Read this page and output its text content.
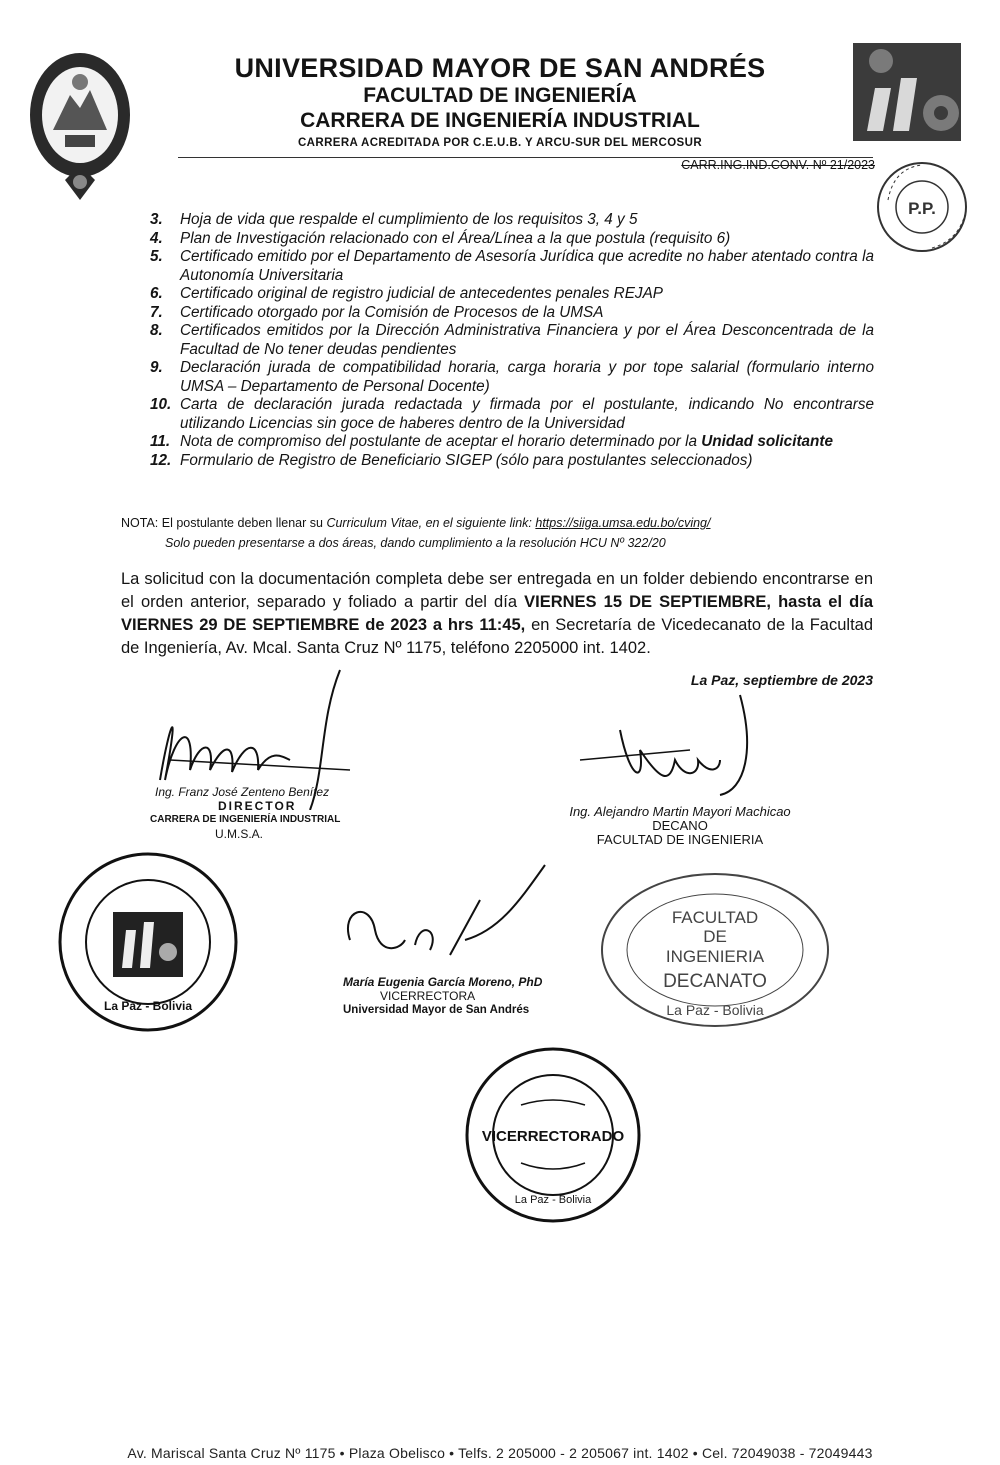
UNIVERSIDAD MAYOR DE SAN ANDRÉS
FACULTAD DE INGENIERÍA
CARRERA DE INGENIERÍA INDUSTRIAL
CARRERA ACREDITADA POR C.E.U.B. Y ARCU-SUR DEL MERCOSUR
CARR.ING.IND.CONV. Nº 21/2023
P.P.
3. Hoja de vida que respalde el cumplimiento de los requisitos 3, 4 y 5
4. Plan de Investigación relacionado con el Área/Línea a la que postula (requisito 6)
5. Certificado emitido por el Departamento de Asesoría Jurídica que acredite no haber atentado contra la Autonomía Universitaria
6. Certificado original de registro judicial de antecedentes penales REJAP
7. Certificado otorgado por la Comisión de Procesos de la UMSA
8. Certificados emitidos por la Dirección Administrativa Financiera y por el Área Desconcentrada de la Facultad de No tener deudas pendientes
9. Declaración jurada de compatibilidad horaria, carga horaria y por tope salarial (formulario interno UMSA – Departamento de Personal Docente)
10. Carta de declaración jurada redactada y firmada por el postulante, indicando No encontrarse utilizando Licencias sin goce de haberes dentro de la Universidad
11. Nota de compromiso del postulante de aceptar el horario determinado por la Unidad solicitante
12. Formulario de Registro de Beneficiario SIGEP (sólo para postulantes seleccionados)
NOTA: El postulante deben llenar su Curriculum Vitae, en el siguiente link: https://siiga.umsa.edu.bo/cving/
Solo pueden presentarse a dos áreas, dando cumplimiento a la resolución HCU Nº 322/20
La solicitud con la documentación completa debe ser entregada en un folder debiendo encontrarse en el orden anterior, separado y foliado a partir del día VIERNES 15 DE SEPTIEMBRE, hasta el día VIERNES 29 DE SEPTIEMBRE de 2023 a hrs 11:45, en Secretaría de Vicedecanato de la Facultad de Ingeniería, Av. Mcal. Santa Cruz Nº 1175, teléfono 2205000 int. 1402.
La Paz, septiembre de 2023
Ing. Franz José Zenteno Benítez
DIRECTOR
CARRERA DE INGENIERÍA INDUSTRIAL
U.M.S.A.
Ing. Alejandro Martin Mayori Machicao
DECANO
FACULTAD DE INGENIERIA
La Paz - Bolivia
María Eugenia García Moreno, PhD
VICERRECTORA
Universidad Mayor de San Andrés
FACULTAD
DE
INGENIERIA
DECANATO
La Paz - Bolivia
VICERRECTORADO
La Paz - Bolivia
Av. Mariscal Santa Cruz Nº 1175 • Plaza Obelisco • Telfs. 2 205000 - 2 205067 int. 1402 • Cel. 72049038 - 72049443
